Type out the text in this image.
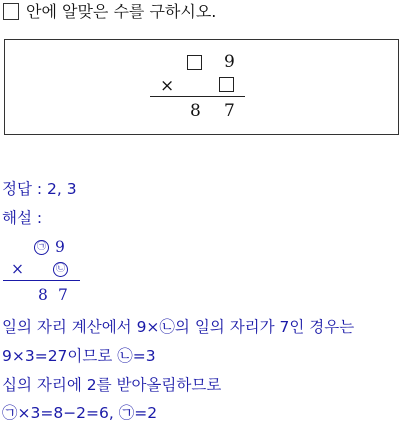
안에 알맞은 수를 구하시오.
9
×
8 7
정답 : 2, 3
해설 :
㉠ 9
×	㉡
8 7
일의 자리 계산에서 9×㉡의 일의 자리가 7인 경우는
9×3=27이므로 ㉡=3
십의 자리에 2를 받아올림하므로
㉠×3=8−2=6, ㉠=2
